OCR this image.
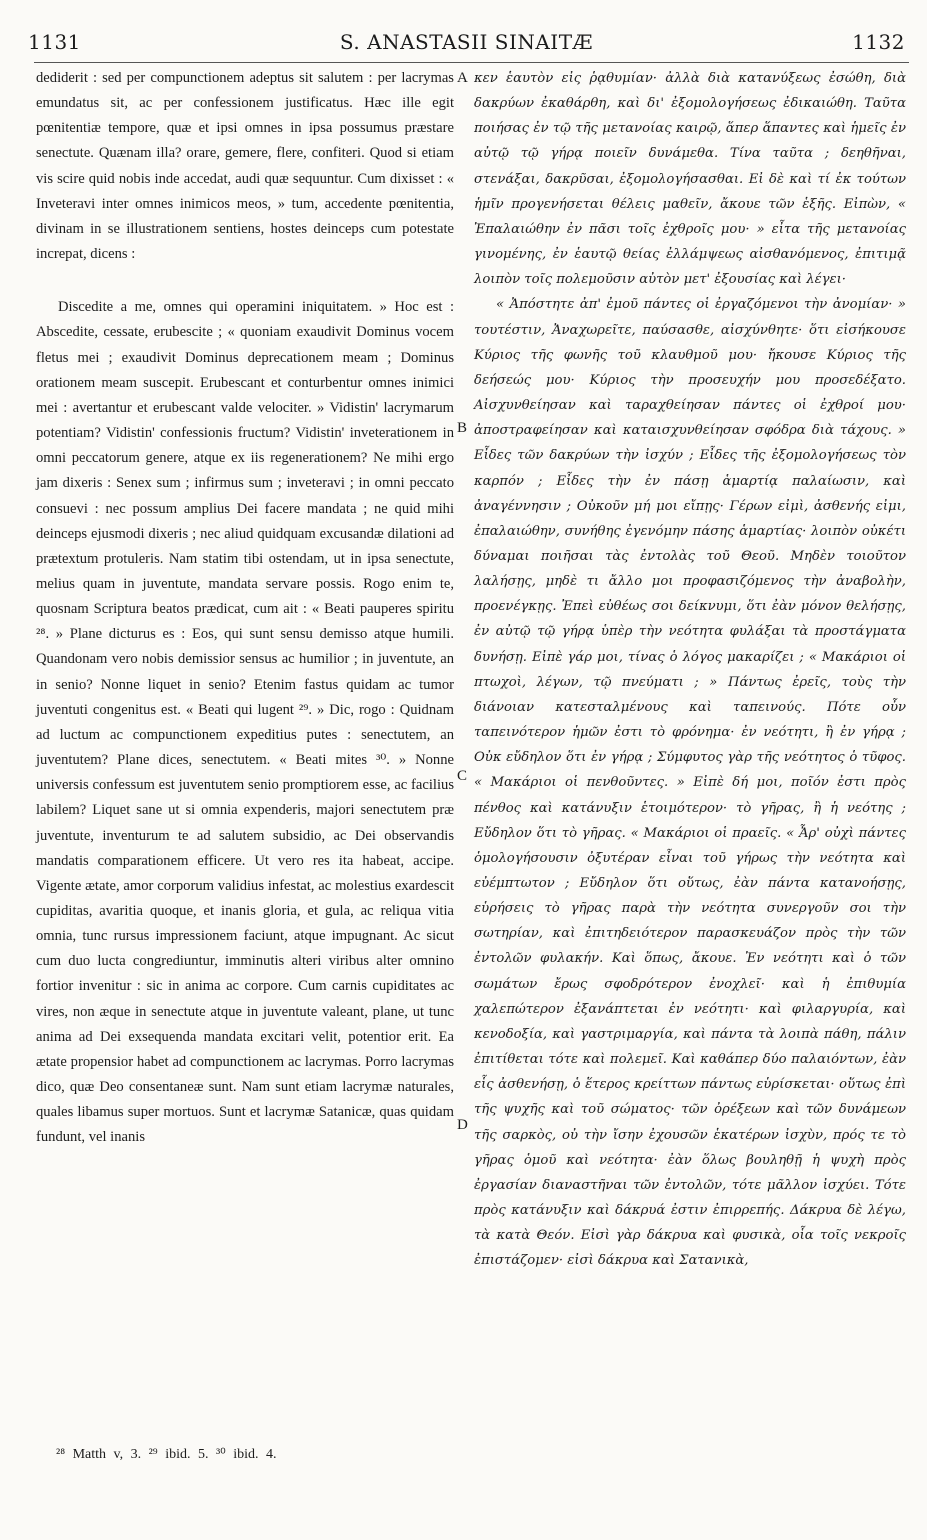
1131	S. ANASTASII SINAITÆ	1132

dediderit : sed per compunctionem adeptus sit salutem : per lacrymas emundatus sit, ac per confessionem justificatus. Hæc ille egit pœnitentiæ tempore, quæ et ipsi omnes in ipsa possumus præstare senectute. Quænam illa? orare, gemere, flere, confiteri. Quod si etiam vis scire quid nobis inde accedat, audi quæ sequuntur. Cum dixisset : « Inveteravi inter omnes inimicos meos, » tum, accedente pœnitentia, divinam in se illustrationem sentiens, hostes deinceps cum potestate increpat, dicens :

Discedite a me, omnes qui operamini iniquitatem. » Hoc est : Abscedite, cessate, erubescite ; « quoniam exaudivit Dominus vocem fletus mei ; exaudivit Dominus deprecationem meam ; Dominus orationem meam suscepit. Erubescant et conturbentur omnes inimici mei : avertantur et erubescant valde velociter. » Vidistin' lacrymarum potentiam? Vidistin' confessionis fructum? Vidistin' inveterationem in omni peccatorum genere, atque ex iis regenerationem? Ne mihi ergo jam dixeris : Senex sum ; infirmus sum ; inveteravi ; in omni peccato consuevi : nec possum amplius Dei facere mandata ; ne quid mihi deinceps ejusmodi dixeris ; nec aliud quidquam excusandæ dilationi ad prætextum protuleris. Nam statim tibi ostendam, ut in ipsa senectute, melius quam in juventute, mandata servare possis. Rogo enim te, quosnam Scriptura beatos prædicat, cum ait : « Beati pauperes spiritu ²⁸. » Plane dicturus es : Eos, qui sunt sensu demisso atque humili. Quandonam vero nobis demissior sensus ac humilior ; in juventute, an in senio? Nonne liquet in senio? Etenim fastus quidam ac tumor juventuti congenitus est. « Beati qui lugent ²⁹. » Dic, rogo : Quidnam ad luctum ac compunctionem expeditius putes : senectutem, an juventutem? Plane dices, senectutem. « Beati mites ³⁰. » Nonne universis confessum est juventutem senio promptiorem esse, ac facilius labilem? Liquet sane ut si omnia expenderis, majori senectutem præ juventute, inventurum te ad salutem subsidio, ac Dei observandis mandatis comparationem efficere. Ut vero res ita habeat, accipe. Vigente ætate, amor corporum validius infestat, ac molestius exardescit cupiditas, avaritia quoque, et inanis gloria, et gula, ac reliqua vitia omnia, tunc rursus impressionem faciunt, atque impugnant. Ac sicut cum duo lucta congrediuntur, imminutis alteri viribus alter omnino fortior invenitur : sic in anima ac corpore. Cum carnis cupiditates ac vires, non æque in senectute atque in juventute valeant, plane, ut tunc anima ad Dei exsequenda mandata excitari velit, potentior erit. Ea ætate propensior habet ad compunctionem ac lacrymas. Porro lacrymas dico, quæ Deo consentaneæ sunt. Nam sunt etiam lacrymæ naturales, quales libamus super mortuos. Sunt et lacrymæ Satanicæ, quas quidam fundunt, vel inanis

κεν ἑαυτὸν εἰς ῥᾳθυμίαν· ἀλλὰ διὰ κατανύξεως ἐσώθη, διὰ δακρύων ἐκαθάρθη, καὶ δι' ἐξομολογήσεως ἐδικαιώθη. Ταῦτα ποιήσας ἐν τῷ τῆς μετανοίας καιρῷ, ἅπερ ἅπαντες καὶ ἡμεῖς ἐν αὐτῷ τῷ γήρᾳ ποιεῖν δυνάμεθα. Τίνα ταῦτα ; δεηθῆναι, στενάξαι, δακρῦσαι, ἐξομολογήσασθαι. Εἰ δὲ καὶ τί ἐκ τούτων ἡμῖν προγενήσεται θέλεις μαθεῖν, ἄκουε τῶν ἑξῆς. Εἰπὼν, « Ἐπαλαιώθην ἐν πᾶσι τοῖς ἐχθροῖς μου· » εἶτα τῆς μετανοίας γινομένης, ἐν ἑαυτῷ θείας ἐλλάμψεως αἰσθανόμενος, ἐπιτιμᾷ λοιπὸν τοῖς πολεμοῦσιν αὐτὸν μετ' ἐξουσίας καὶ λέγει·

« Ἀπόστητε ἀπ' ἐμοῦ πάντες οἱ ἐργαζόμενοι τὴν ἀνομίαν· » τουτέστιν, Ἀναχωρεῖτε, παύσασθε, αἰσχύνθητε· ὅτι εἰσήκουσε Κύριος τῆς φωνῆς τοῦ κλαυθμοῦ μου· ἤκουσε Κύριος τῆς δεήσεώς μου· Κύριος τὴν προσευχήν μου προσεδέξατο. Αἰσχυνθείησαν καὶ ταραχθείησαν πάντες οἱ ἐχθροί μου· ἀποστραφείησαν καὶ καταισχυνθείησαν σφόδρα διὰ τάχους. » Εἶδες τῶν δακρύων τὴν ἰσχύν ; Εἶδες τῆς ἐξομολογήσεως τὸν καρπόν ; Εἶδες τὴν ἐν πάσῃ ἁμαρτίᾳ παλαίωσιν, καὶ ἀναγέννησιν ; Οὐκοῦν μή μοι εἴπῃς· Γέρων εἰμὶ, ἀσθενής εἰμι, ἐπαλαιώθην, συνήθης ἐγενόμην πάσης ἁμαρτίας· λοιπὸν οὐκέτι δύναμαι ποιῆσαι τὰς ἐντολὰς τοῦ Θεοῦ. Μηδὲν τοιοῦτον λαλήσῃς, μηδὲ τι ἄλλο μοι προφασιζόμενος τὴν ἀναβολὴν, προενέγκῃς. Ἐπεὶ εὐθέως σοι δείκνυμι, ὅτι ἐὰν μόνον θελήσῃς, ἐν αὐτῷ τῷ γήρᾳ ὑπὲρ τὴν νεότητα φυλάξαι τὰ προστάγματα δυνήσῃ. Εἰπὲ γάρ μοι, τίνας ὁ λόγος μακαρίζει ; « Μακάριοι οἱ πτωχοὶ, λέγων, τῷ πνεύματι ; » Πάντως ἐρεῖς, τοὺς τὴν διάνοιαν κατεσταλμένους καὶ ταπεινούς. Πότε οὖν ταπεινότερον ἡμῶν ἐστι τὸ φρόνημα· ἐν νεότητι, ἢ ἐν γήρᾳ ; Οὐκ εὔδηλον ὅτι ἐν γήρᾳ ; Σύμφυτος γὰρ τῆς νεότητος ὁ τῦφος. « Μακάριοι οἱ πενθοῦντες. » Εἰπὲ δή μοι, ποῖόν ἐστι πρὸς πένθος καὶ κατάνυξιν ἑτοιμότερον· τὸ γῆρας, ἢ ἡ νεότης ; Εὔδηλον ὅτι τὸ γῆρας. « Μακάριοι οἱ πραεῖς. « Ἆρ' οὐχὶ πάντες ὁμολογήσουσιν ὀξυτέραν εἶναι τοῦ γήρως τὴν νεότητα καὶ εὐέμπτωτον ; Εὔδηλον ὅτι οὕτως, ἐὰν πάντα κατανοήσῃς, εὑρήσεις τὸ γῆρας παρὰ τὴν νεότητα συνεργοῦν σοι τὴν σωτηρίαν, καὶ ἐπιτηδειότερον παρασκευάζον πρὸς τὴν τῶν ἐντολῶν φυλακήν. Καὶ ὅπως, ἄκουε. Ἐν νεότητι καὶ ὁ τῶν σωμάτων ἔρως σφοδρότερον ἐνοχλεῖ· καὶ ἡ ἐπιθυμία χαλεπώτερον ἐξανάπτεται ἐν νεότητι· καὶ φιλαργυρία, καὶ κενοδοξία, καὶ γαστριμαργία, καὶ πάντα τὰ λοιπὰ πάθη, πάλιν ἐπιτίθεται τότε καὶ πολεμεῖ. Καὶ καθάπερ δύο παλαιόντων, ἐὰν εἷς ἀσθενήσῃ, ὁ ἕτερος κρείττων πάντως εὑρίσκεται· οὕτως ἐπὶ τῆς ψυχῆς καὶ τοῦ σώματος· τῶν ὀρέξεων καὶ τῶν δυνάμεων τῆς σαρκὸς, οὐ τὴν ἴσην ἐχουσῶν ἑκατέρων ἰσχὺν, πρός τε τὸ γῆρας ὁμοῦ καὶ νεότητα· ἐὰν ὅλως βουληθῇ ἡ ψυχὴ πρὸς ἐργασίαν διαναστῆναι τῶν ἐντολῶν, τότε μᾶλλον ἰσχύει. Τότε πρὸς κατάνυξιν καὶ δάκρυά ἐστιν ἐπιρρεπής. Δάκρυα δὲ λέγω, τὰ κατὰ Θεόν. Εἰσὶ γὰρ δάκρυα καὶ φυσικὰ, οἷα τοῖς νεκροῖς ἐπιστάζομεν· εἰσὶ δάκρυα καὶ Σατανικὰ,

A
B
C
D
²⁸ Matth v, 3. ²⁹ ibid. 5. ³⁰ ibid. 4.
